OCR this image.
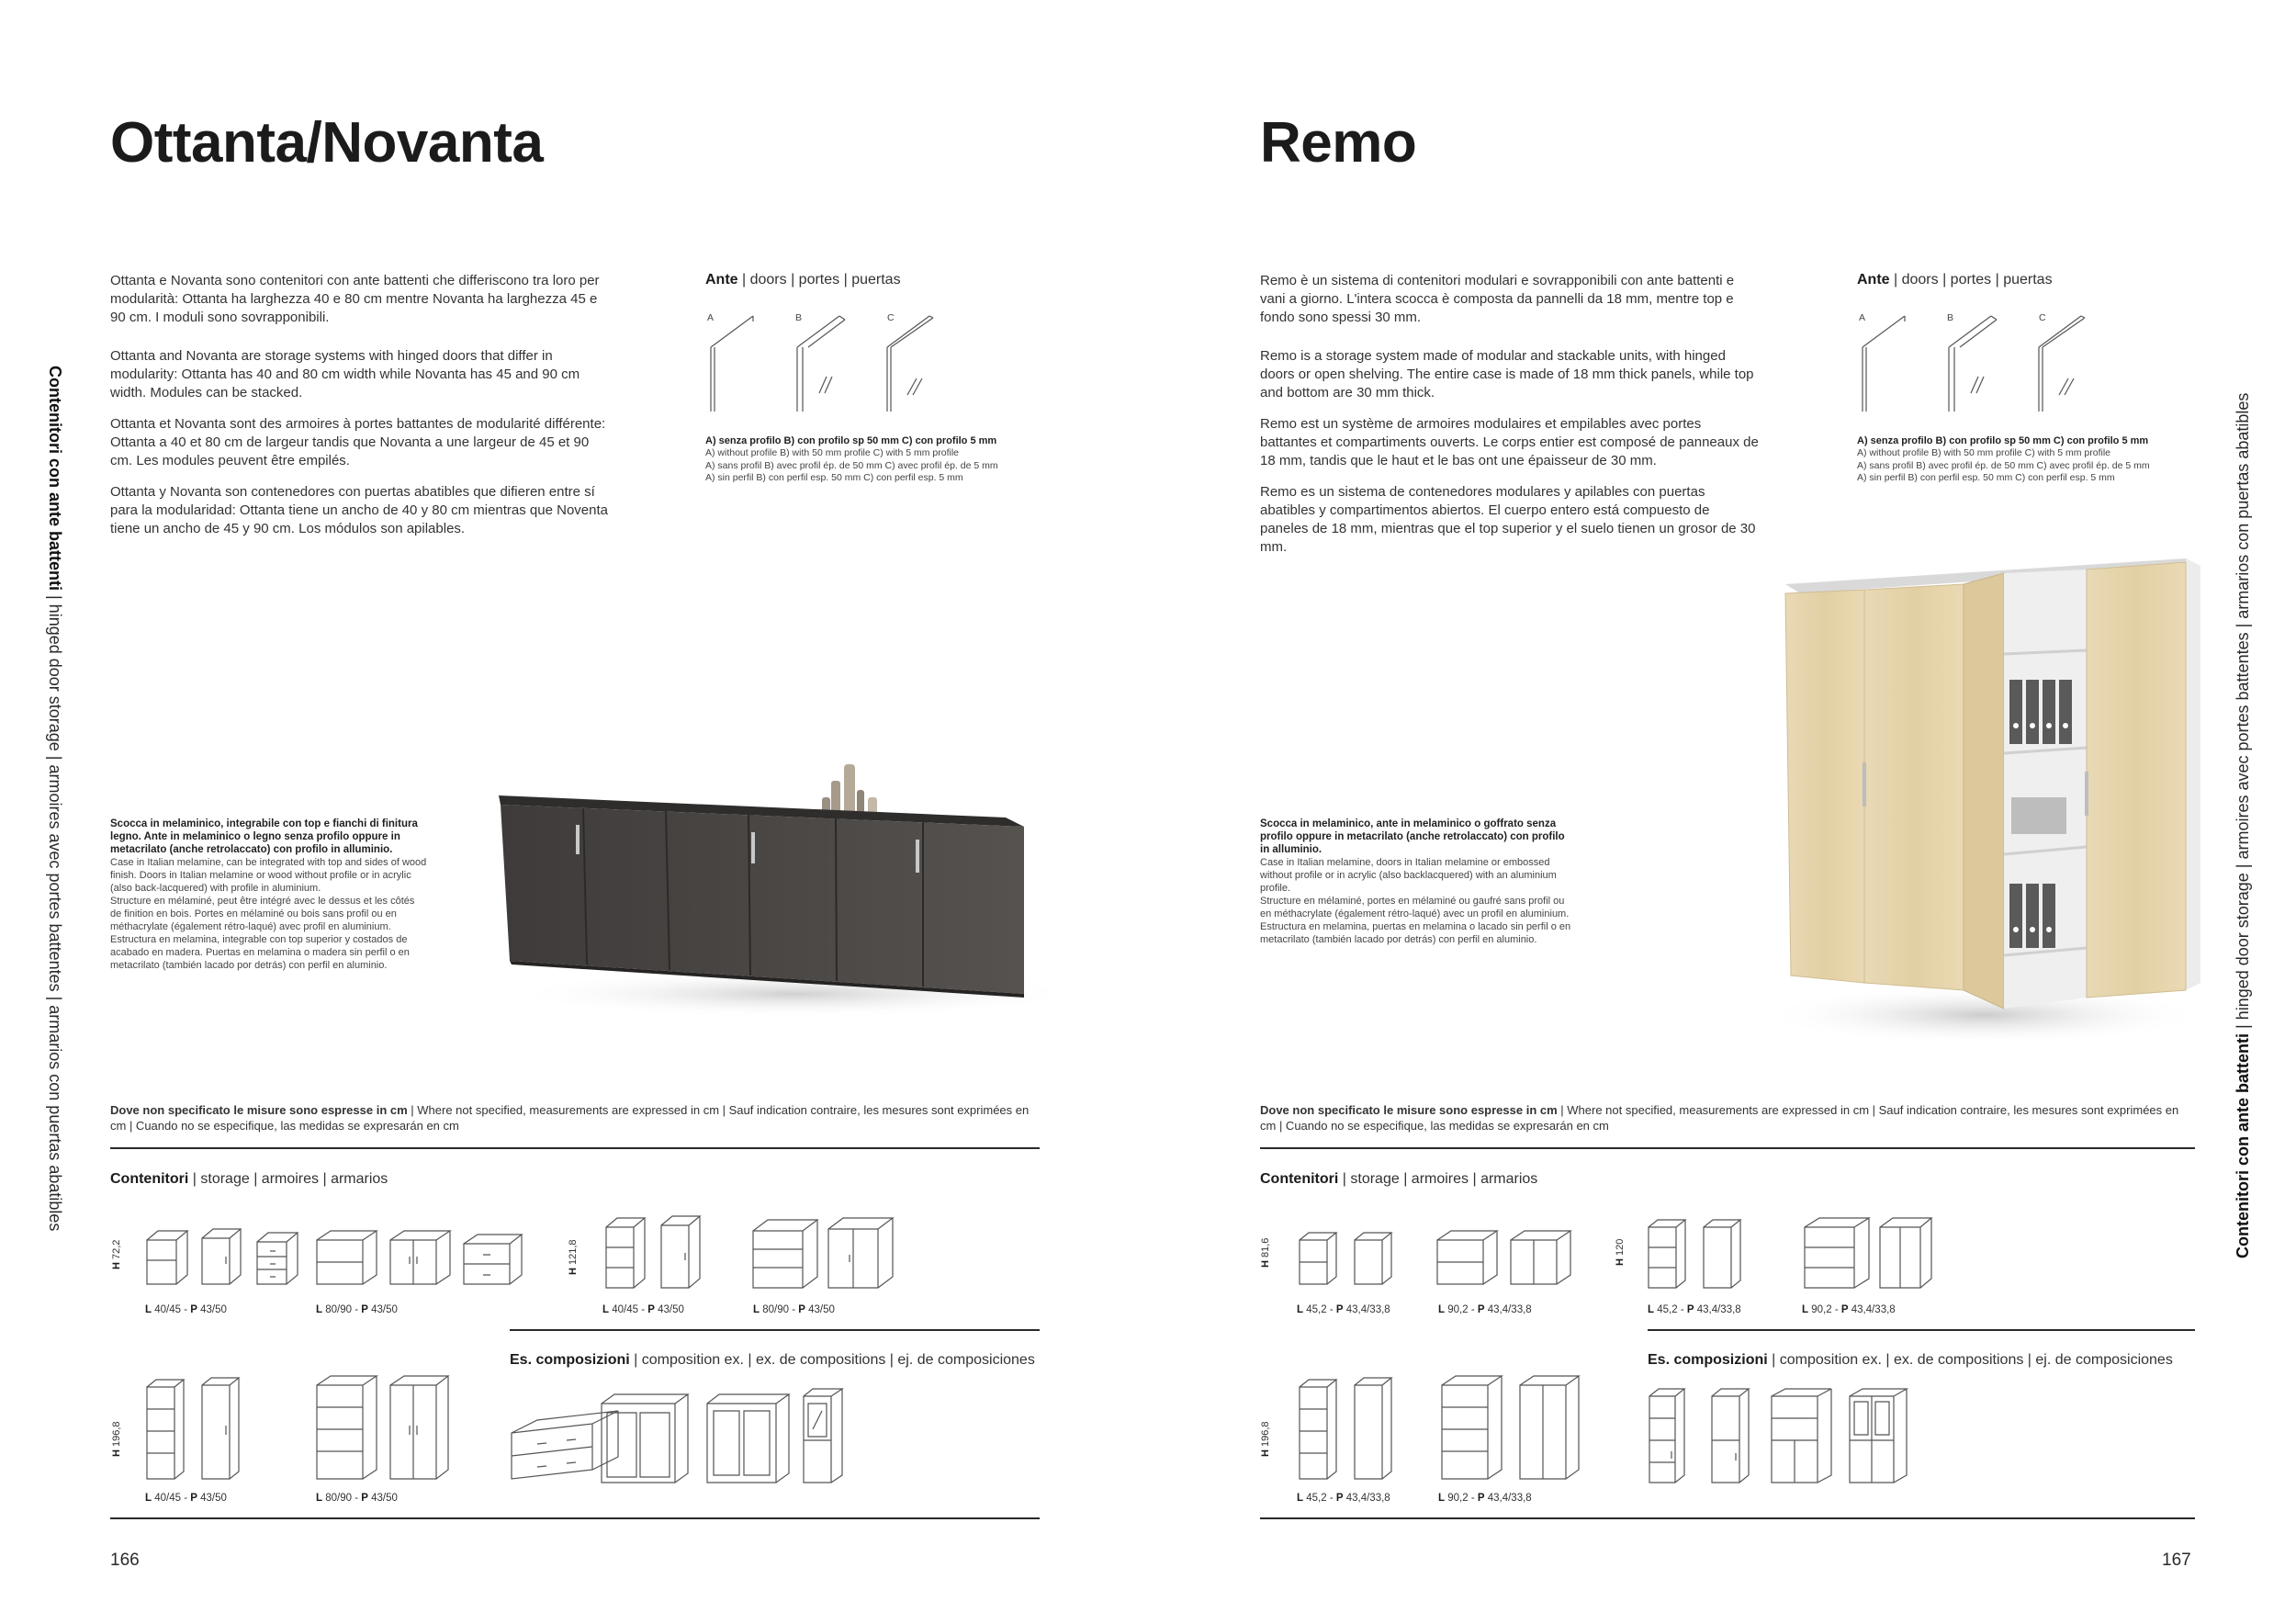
Ottanta/Novanta

Ottanta e Novanta sono contenitori con ante battenti che differiscono tra loro per modularità: Ottanta ha larghezza 40 e 80 cm mentre Novanta ha larghezza 45 e 90 cm. I moduli sono sovrapponibili.

Ottanta and Novanta are storage systems with hinged doors that differ in modularity: Ottanta has 40 and 80 cm width while Novanta has 45 and 90 cm width. Modules can be stacked.

Ottanta et Novanta sont des armoires à portes battantes de modularité différente: Ottanta a 40 et 80 cm de largeur tandis que Novanta a une largeur de 45 et 90 cm. Les modules peuvent être empilés.

Ottanta y Novanta son contenedores con puertas abatibles que difieren entre sí para la modularidad: Ottanta tiene un ancho de 40 y 80 cm mientras que Noventa tiene un ancho de 45 y 90 cm. Los módulos son apilables.

Ante | doors | portes | puertas
A	B	C
A) senza profilo B) con profilo sp 50 mm C) con profilo 5 mm
A) without profile B) with 50 mm profile C) with 5 mm profile
A) sans profil B) avec profil ép. de 50 mm C) avec profil ép. de 5 mm
A) sin perfil B) con perfil esp. 50 mm C) con perfil esp. 5 mm
Scocca in melaminico, integrabile con top e fianchi di finitura legno. Ante in melaminico o legno senza profilo oppure in metacrilato (anche retrolaccato) con profilo in alluminio.
Case in Italian melamine, can be integrated with top and sides of wood finish. Doors in Italian melamine or wood without profile or in acrylic (also back-lacquered) with profile in aluminium.
Structure en mélaminé, peut être intégré avec le dessus et les côtés de finition en bois. Portes en mélaminé ou bois sans profil ou en méthacrylate (également rétro-laqué) avec profil en aluminium.
Estructura en melamina, integrable con top superior y costados de acabado en madera. Puertas en melamina o madera sin perfil o en metacrilato (también lacado por detrás) con perfil en aluminio.
Dove non specificato le misure sono espresse in cm | Where not specified, measurements are expressed in cm | Sauf indication contraire, les mesures sont exprimées en cm | Cuando no se especifique, las medidas se expresarán en cm
Contenitori | storage | armoires | armarios
H 72,2
H 121,8
H 196,8
L 40/45 - P 43/50	L 80/90 - P 43/50	L 40/45 - P 43/50	L 80/90 - P 43/50
Es. composizioni | composition ex. | ex. de compositions | ej. de composiciones
L 40/45 - P 43/50	L 80/90 - P 43/50
166
Contenitori con ante battenti | hinged door storage | armoires avec portes battentes | armarios con puertas abatibles
Remo

Remo è un sistema di contenitori modulari e sovrapponibili con ante battenti e vani a giorno. L'intera scocca è composta da pannelli da 18 mm, mentre top e fondo sono spessi 30 mm.

Remo is a storage system made of modular and stackable units, with hinged doors or open shelving. The entire case is made of 18 mm thick panels, while top and bottom are 30 mm thick.

Remo est un système de armoires modulaires et empilables avec portes battantes et compartiments ouverts. Le corps entier est composé de panneaux de 18 mm, tandis que le haut et le bas ont une épaisseur de 30 mm.

Remo es un sistema de contenedores modulares y apilables con puertas abatibles y compartimentos abiertos. El cuerpo entero está compuesto de paneles de 18 mm, mientras que el top superior y el suelo tienen un grosor de 30 mm.

Ante | doors | portes | puertas
A	B	C
A) senza profilo B) con profilo sp 50 mm C) con profilo 5 mm
A) without profile B) with 50 mm profile C) with 5 mm profile
A) sans profil B) avec profil ép. de 50 mm C) avec profil ép. de 5 mm
A) sin perfil B) con perfil esp. 50 mm C) con perfil esp. 5 mm
Scocca in melaminico, ante in melaminico o goffrato senza profilo oppure in metacrilato (anche retrolaccato) con profilo in alluminio.
Case in Italian melamine, doors in Italian melamine or embossed without profile or in acrylic (also backlacquered) with an aluminium profile.
Structure en mélaminé, portes en mélaminé ou gaufré sans profil ou en méthacrylate (également rétro-laqué) avec un profil en aluminium.
Estructura en melamina, puertas en melamina o lacado sin perfil o en metacrilato (también lacado por detrás) con perfil en aluminio.
Dove non specificato le misure sono espresse in cm | Where not specified, measurements are expressed in cm | Sauf indication contraire, les mesures sont exprimées en cm | Cuando no se especifique, las medidas se expresarán en cm
Contenitori | storage | armoires | armarios
H 81,6
H 120
H 196,8
L 45,2 - P 43,4/33,8	L 90,2 - P 43,4/33,8	L 45,2 - P 43,4/33,8	L 90,2 - P 43,4/33,8
Es. composizioni | composition ex. | ex. de compositions | ej. de composiciones
L 45,2 - P 43,4/33,8	L 90,2 - P 43,4/33,8
167
Contenitori con ante battenti | hinged door storage | armoires avec portes battentes | armarios con puertas abatibles
